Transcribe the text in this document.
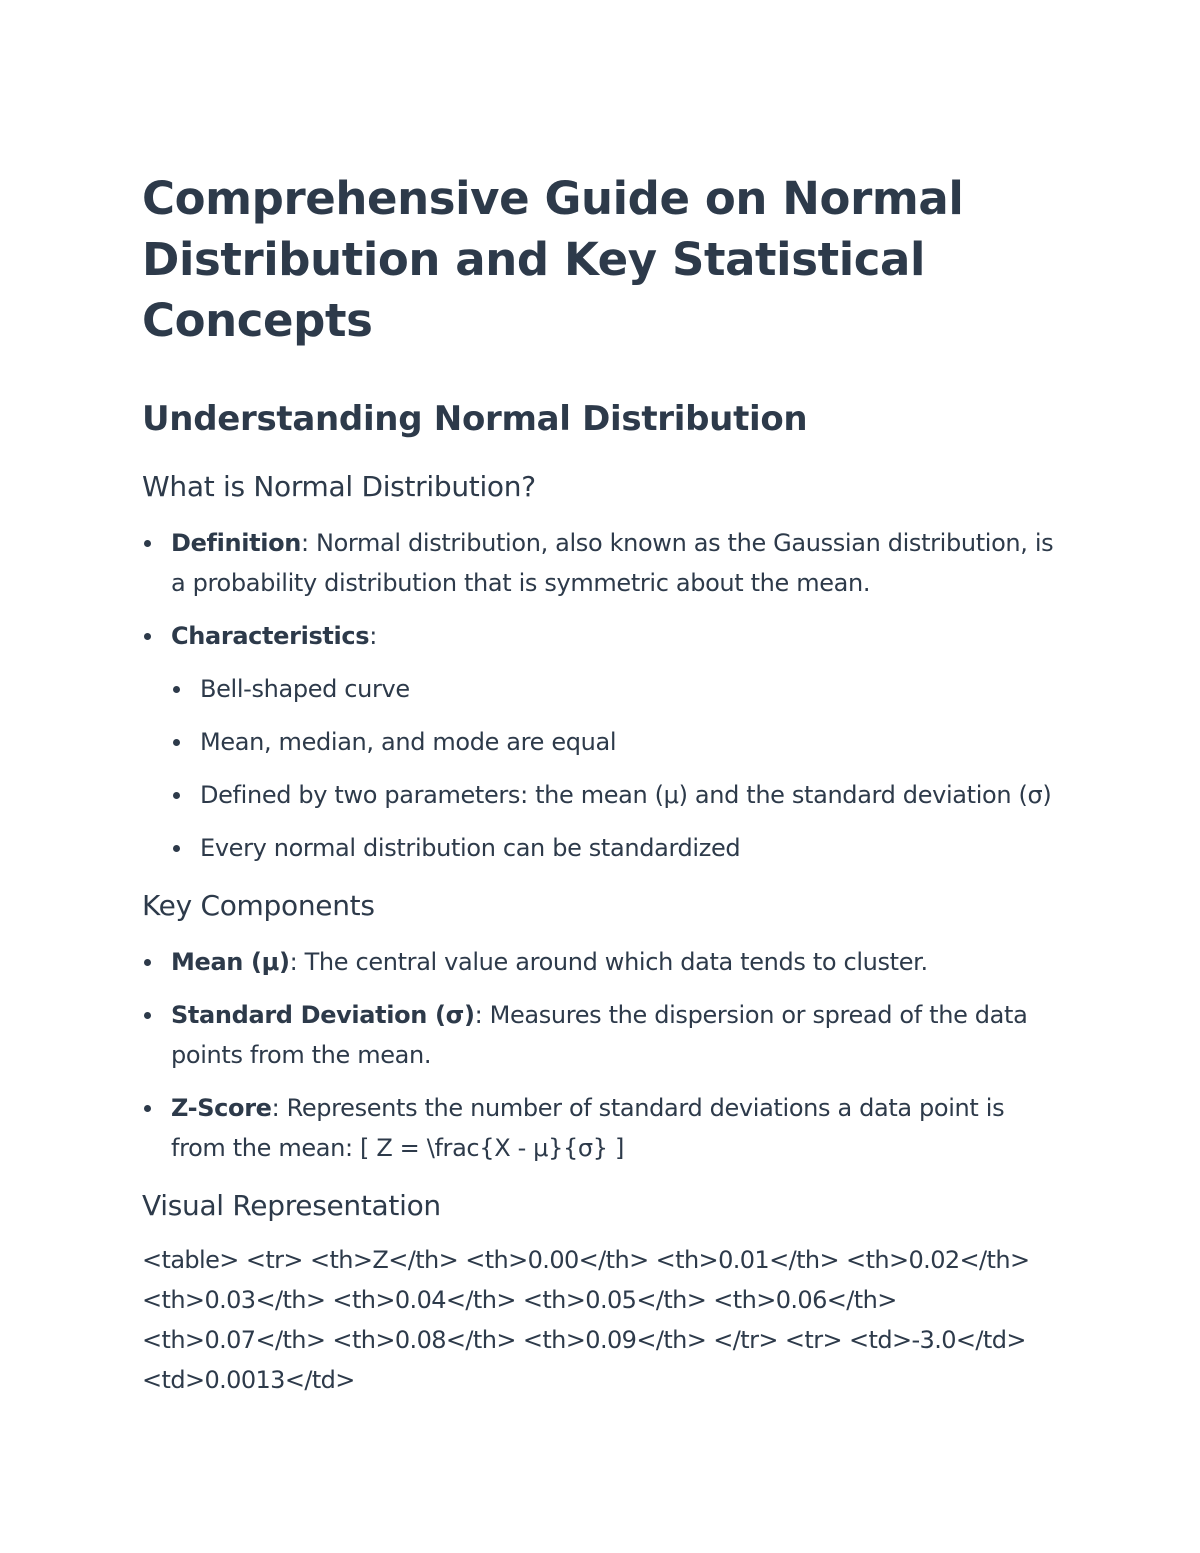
Comprehensive Guide on Normal Distribution and Key Statistical Concepts
Understanding Normal Distribution
What is Normal Distribution?
Definition: Normal distribution, also known as the Gaussian distribution, is a probability distribution that is symmetric about the mean.
Characteristics:
Bell-shaped curve
Mean, median, and mode are equal
Defined by two parameters: the mean (μ) and the standard deviation (σ)
Every normal distribution can be standardized
Key Components
Mean (μ): The central value around which data tends to cluster.
Standard Deviation (σ): Measures the dispersion or spread of the data points from the mean.
Z-Score: Represents the number of standard deviations a data point is from the mean: [ Z = \frac{X - μ}{σ} ]
Visual Representation

<table> <tr> <th>Z</th> <th>0.00</th> <th>0.01</th> <th>0.02</th> <th>0.03</th> <th>0.04</th> <th>0.05</th> <th>0.06</th> <th>0.07</th> <th>0.08</th> <th>0.09</th> </tr> <tr> <td>-3.0</td> <td>0.0013</td>
